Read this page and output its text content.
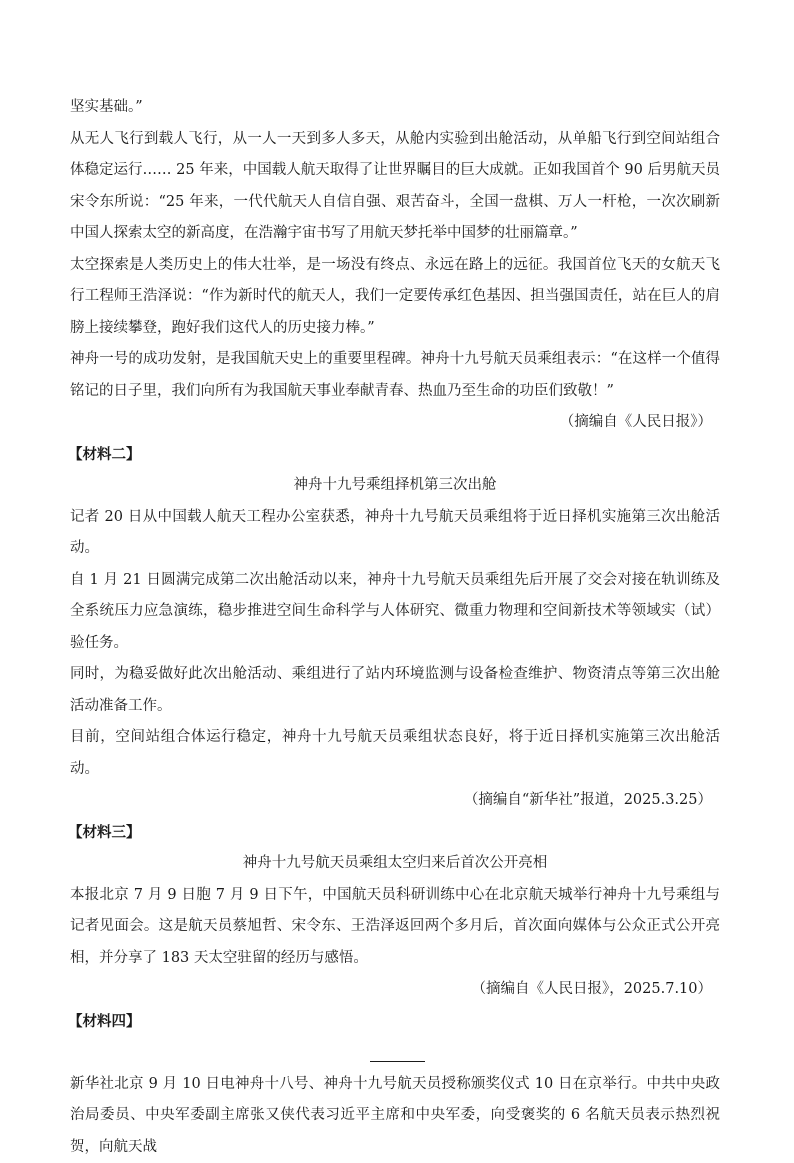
坚实基础。”

从无人飞行到载人飞行，从一人一天到多人多天，从舱内实验到出舱活动，从单船飞行到空间站组合体稳定运行…… 25 年来，中国载人航天取得了让世界瞩目的巨大成就。正如我国首个 90 后男航天员宋令东所说：“25 年来，一代代航天人自信自强、艰苦奋斗，全国一盘棋、万人一杆枪，一次次刷新中国人探索太空的新高度，在浩瀚宇宙书写了用航天梦托举中国梦的壮丽篇章。”

太空探索是人类历史上的伟大壮举，是一场没有终点、永远在路上的远征。我国首位飞天的女航天飞行工程师王浩泽说：“作为新时代的航天人，我们一定要传承红色基因、担当强国责任，站在巨人的肩膀上接续攀登，跑好我们这代人的历史接力棒。”

神舟一号的成功发射，是我国航天史上的重要里程碑。神舟十九号航天员乘组表示：“在这样一个值得铭记的日子里，我们向所有为我国航天事业奉献青春、热血乃至生命的功臣们致敬！”

（摘编自《人民日报》）

【材料二】

神舟十九号乘组择机第三次出舱

记者 20 日从中国载人航天工程办公室获悉，神舟十九号航天员乘组将于近日择机实施第三次出舱活动。

自 1 月 21 日圆满完成第二次出舱活动以来，神舟十九号航天员乘组先后开展了交会对接在轨训练及全系统压力应急演练，稳步推进空间生命科学与人体研究、微重力物理和空间新技术等领域实（试）验任务。

同时，为稳妥做好此次出舱活动、乘组进行了站内环境监测与设备检查维护、物资清点等第三次出舱活动准备工作。

目前，空间站组合体运行稳定，神舟十九号航天员乘组状态良好，将于近日择机实施第三次出舱活动。

（摘编自“新华社”报道，2025.3.25）

【材料三】

神舟十九号航天员乘组太空归来后首次公开亮相

本报北京 7 月 9 日胞 7 月 9 日下午，中国航天员科研训练中心在北京航天城举行神舟十九号乘组与记者见面会。这是航天员蔡旭哲、宋令东、王浩泽返回两个多月后，首次面向媒体与公众正式公开亮相，并分享了 183 天太空驻留的经历与感悟。

（摘编自《人民日报》，2025.7.10）

【材料四】

新华社北京 9 月 10 日电神舟十八号、神舟十九号航天员授称颁奖仪式 10 日在京举行。中共中央政治局委员、中央军委副主席张又侠代表习近平主席和中央军委，向受褒奖的 6 名航天员表示热烈祝贺，向航天战
